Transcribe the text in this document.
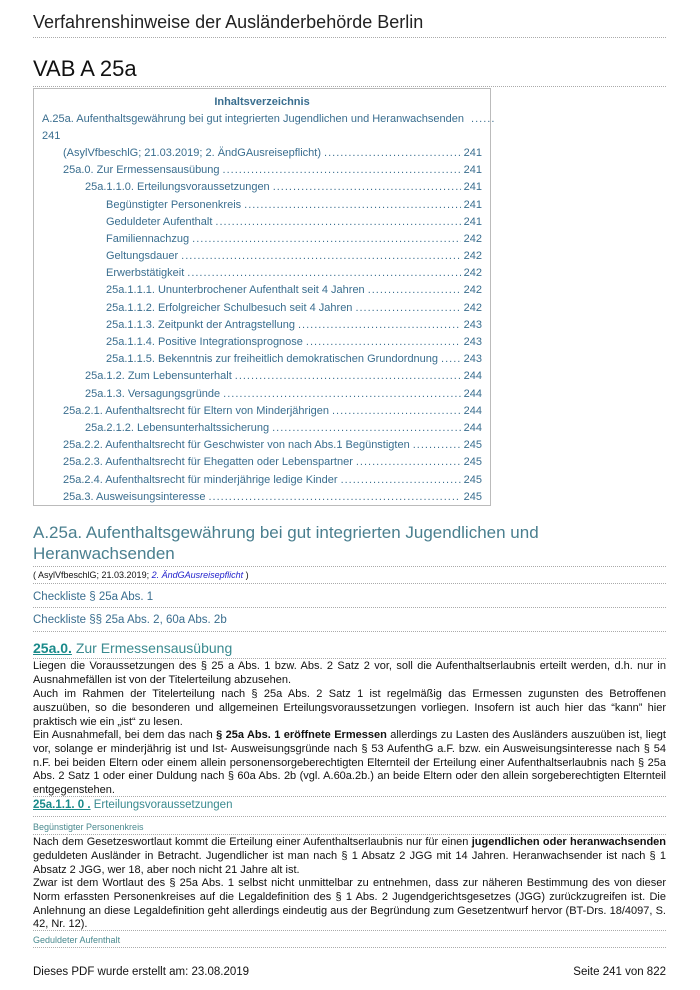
Verfahrenshinweise der Ausländerbehörde Berlin
VAB A 25a
Inhaltsverzeichnis
A.25a. Aufenthaltsgewährung bei gut integrierten Jugendlichen und Heranwachsenden ......
241
(AsylVfbeschlG; 21.03.2019; 2. ÄndGAusreisepflicht) .....	241
25a.0. Zur Ermessensausübung .....	241
25a.1.1.0. Erteilungsvoraussetzungen .....	241
Begünstigter Personenkreis .....	241
Geduldeter Aufenthalt .....	241
Familiennachzug .....	242
Geltungsdauer .....	242
Erwerbstätigkeit .....	242
25a.1.1.1. Ununterbrochener Aufenthalt seit 4 Jahren .....	242
25a.1.1.2. Erfolgreicher Schulbesuch seit 4 Jahren .....	242
25a.1.1.3. Zeitpunkt der Antragstellung .....	243
25a.1.1.4. Positive Integrationsprognose .....	243
25a.1.1.5. Bekenntnis zur freiheitlich demokratischen Grundordnung ..... 243
25a.1.2. Zum Lebensunterhalt .....	244
25a.1.3. Versagungsgründe .....	244
25a.2.1. Aufenthaltsrecht für Eltern von Minderjährigen .....	244
25a.2.1.2. Lebensunterhaltssicherung .....	244
25a.2.2. Aufenthaltsrecht für Geschwister von nach Abs.1 Begünstigten .....	245
25a.2.3. Aufenthaltsrecht für Ehegatten oder Lebenspartner .....	245
25a.2.4. Aufenthaltsrecht für minderjährige ledige Kinder .....	245
25a.3. Ausweisungsinteresse .....	245
A.25a. Aufenthaltsgewährung bei gut integrierten Jugendlichen und Heranwachsenden
( AsylVfbeschlG; 21.03.2019; 2. ÄndGAusreisepflicht )
Checkliste § 25a Abs. 1
Checkliste §§ 25a Abs. 2, 60a Abs. 2b
25a.0. Zur Ermessensausübung
Liegen die Voraussetzungen des § 25 a Abs. 1 bzw. Abs. 2 Satz 2 vor, soll die Aufenthaltserlaubnis erteilt werden, d.h. nur in Ausnahmefällen ist von der Titelerteilung abzusehen.
Auch im Rahmen der Titelerteilung nach § 25a Abs. 2 Satz 1 ist regelmäßig das Ermessen zugunsten des Betroffenen auszuüben, so die besonderen und allgemeinen Erteilungsvoraussetzungen vorliegen. Insofern ist auch hier das “kann” hier praktisch wie ein „ist“ zu lesen.
Ein Ausnahmefall, bei dem das nach § 25a Abs. 1 eröffnete Ermessen allerdings zu Lasten des Ausländers auszuüben ist, liegt vor, solange er minderjährig ist und Ist- Ausweisungsgründe nach § 53 AufenthG a.F. bzw. ein Ausweisungsinteresse nach § 54 n.F. bei beiden Eltern oder einem allein personensorgeberechtigten Elternteil der Erteilung einer Aufenthaltserlaubnis nach § 25a Abs. 2 Satz 1 oder einer Duldung nach § 60a Abs. 2b (vgl. A.60a.2b.) an beide Eltern oder den allein sorgeberechtigten Elternteil entgegenstehen.
25a.1.1. 0 . Erteilungsvoraussetzungen
Begünstigter Personenkreis
Nach dem Gesetzeswortlaut kommt die Erteilung einer Aufenthaltserlaubnis nur für einen jugendlichen oder heranwachsenden geduldeten Ausländer in Betracht. Jugendlicher ist man nach § 1 Absatz 2 JGG mit 14 Jahren. Heranwachsender ist nach § 1 Absatz 2 JGG, wer 18, aber noch nicht 21 Jahre alt ist.
Zwar ist dem Wortlaut des § 25a Abs. 1 selbst nicht unmittelbar zu entnehmen, dass zur näheren Bestimmung des von dieser Norm erfassten Personenkreises auf die Legaldefinition des § 1 Abs. 2 Jugendgerichtsgesetzes (JGG) zurückzugreifen ist. Die Anlehnung an diese Legaldefinition geht allerdings eindeutig aus der Begründung zum Gesetzentwurf hervor (BT-Drs. 18/4097, S. 42, Nr. 12).
Geduldeter Aufenthalt
Dieses PDF wurde erstellt am: 23.08.2019	Seite 241 von 822
